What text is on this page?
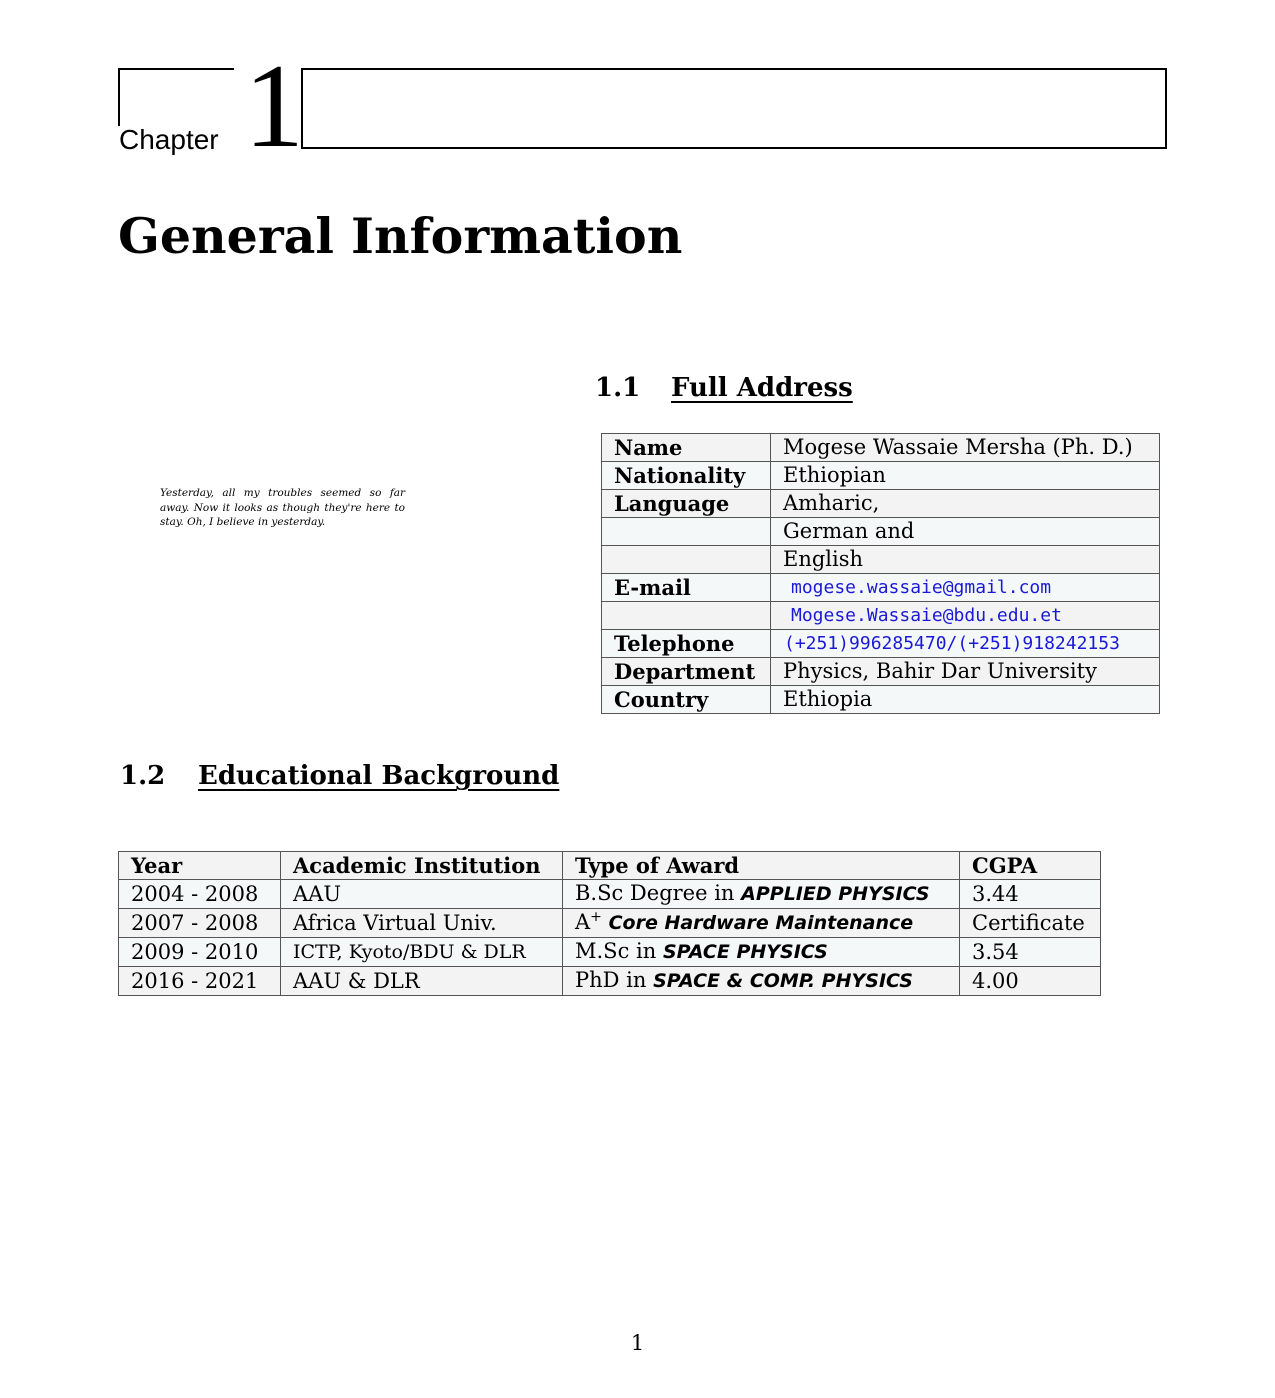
Chapter 1
General Information
Yesterday, all my troubles seemed so far away. Now it looks as though they're here to stay. Oh, I believe in yesterday.
1.1 Full Address
Name	Mogese Wassaie Mersha (Ph. D.)
Nationality	Ethiopian
Language	Amharic,
	German and
	English
E-mail	mogese.wassaie@gmail.com
	Mogese.Wassaie@bdu.edu.et
Telephone	(+251)996285470/(+251)918242153
Department	Physics, Bahir Dar University
Country	Ethiopia
1.2 Educational Background
Year	Academic Institution	Type of Award	CGPA
2004 - 2008	AAU	B.Sc Degree in APPLIED PHYSICS	3.44
2007 - 2008	Africa Virtual Univ.	A+ Core Hardware Maintenance	Certificate
2009 - 2010	ICTP, Kyoto/BDU & DLR	M.Sc in SPACE PHYSICS	3.54
2016 - 2021	AAU & DLR	PhD in SPACE & COMP. PHYSICS	4.00
1
